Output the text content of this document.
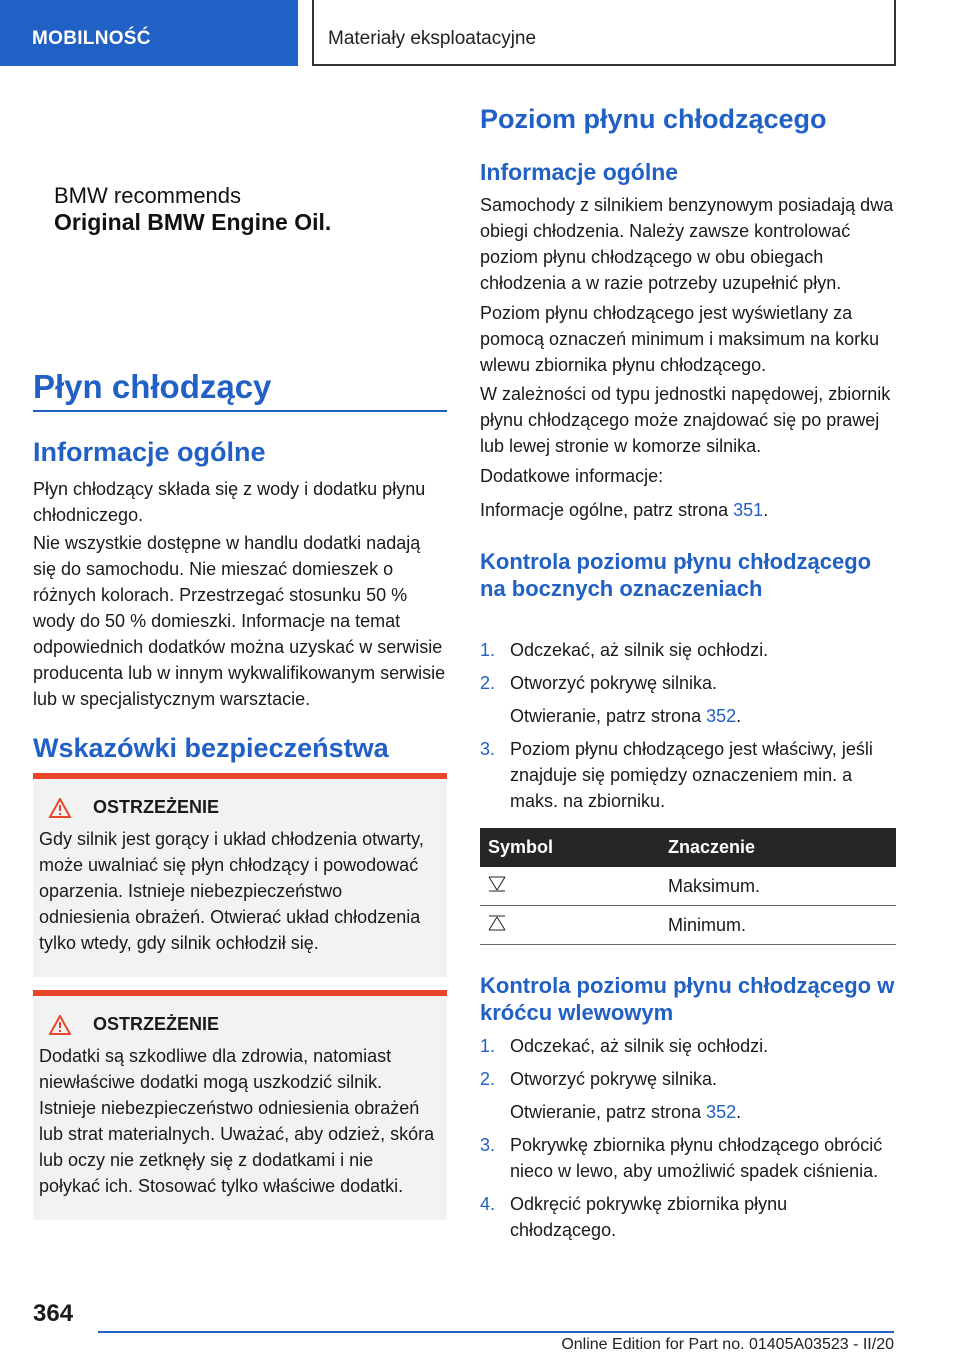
MOBILNOŚĆ	Materiały eksploatacyjne
BMW recommends
Original BMW Engine Oil.
Płyn chłodzący
Informacje ogólne

Płyn chłodzący składa się z wody i dodatku płynu chłodniczego.

Nie wszystkie dostępne w handlu dodatki nadają się do samochodu. Nie mieszać domieszek o różnych kolorach. Przestrzegać stosunku 50 % wody do 50 % domieszki. Informacje na temat odpowiednich dodatków można uzyskać w serwisie producenta lub w innym wykwalifikowanym serwisie lub w specjalistycznym warsztacie.

Wskazówki bezpieczeństwa
OSTRZEŻENIE
Gdy silnik jest gorący i układ chłodzenia otwarty, może uwalniać się płyn chłodzący i powodować oparzenia. Istnieje niebezpieczeństwo odniesienia obrażeń. Otwierać układ chłodzenia tylko wtedy, gdy silnik ochłodził się.
OSTRZEŻENIE
Dodatki są szkodliwe dla zdrowia, natomiast niewłaściwe dodatki mogą uszkodzić silnik. Istnieje niebezpieczeństwo odniesienia obrażeń lub strat materialnych. Uważać, aby odzież, skóra lub oczy nie zetknęły się z dodatkami i nie połykać ich. Stosować tylko właściwe dodatki.
Poziom płynu chłodzącego
Informacje ogólne

Samochody z silnikiem benzynowym posiadają dwa obiegi chłodzenia. Należy zawsze kontrolować poziom płynu chłodzącego w obu obiegach chłodzenia a w razie potrzeby uzupełnić płyn.

Poziom płynu chłodzącego jest wyświetlany za pomocą oznaczeń minimum i maksimum na korku wlewu zbiornika płynu chłodzącego.

W zależności od typu jednostki napędowej, zbiornik płynu chłodzącego może znajdować się po prawej lub lewej stronie w komorze silnika.

Dodatkowe informacje:

Informacje ogólne, patrz strona 351.

Kontrola poziomu płynu chłodzącego na bocznych oznaczeniach
1. Odczekać, aż silnik się ochłodzi.
2. Otworzyć pokrywę silnika.
Otwieranie, patrz strona 352.
3. Poziom płynu chłodzącego jest właściwy, jeśli znajduje się pomiędzy oznaczeniem min. a maks. na zbiorniku.
Symbol	Znaczenie
	Maksimum.
	Minimum.
Kontrola poziomu płynu chłodzącego w króćcu wlewowym
1. Odczekać, aż silnik się ochłodzi.
2. Otworzyć pokrywę silnika.
Otwieranie, patrz strona 352.
3. Pokrywkę zbiornika płynu chłodzącego obrócić nieco w lewo, aby umożliwić spadek ciśnienia.
4. Odkręcić pokrywkę zbiornika płynu chłodzącego.
364
Online Edition for Part no. 01405A03523 - II/20
